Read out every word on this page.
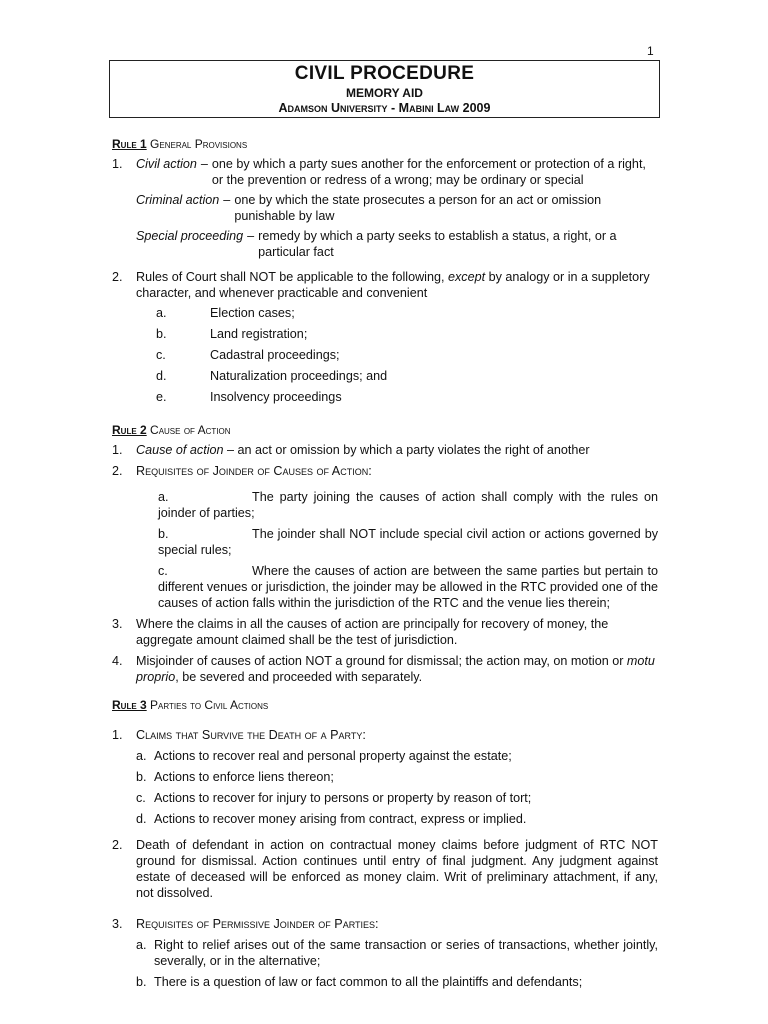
1
CIVIL PROCEDURE
MEMORY AID
Adamson University - Mabini Law 2009
Rule 1 General Provisions
1.	Civil action – one by which a party sues another for the enforcement or protection of a right, or the prevention or redress of a wrong; may be ordinary or special
Criminal action – one by which the state prosecutes a person for an act or omission punishable by law
Special proceeding – remedy by which a party seeks to establish a status, a right, or a particular fact
2.	Rules of Court shall NOT be applicable to the following, except by analogy or in a suppletory character, and whenever practicable and convenient
a.	Election cases;
b.	Land registration;
c.	Cadastral proceedings;
d.	Naturalization proceedings; and
e.	Insolvency proceedings
Rule 2 Cause of Action
1.	Cause of action – an act or omission by which a party violates the right of another
2.	Requisites of Joinder of Causes of Action:
a.	The party joining the causes of action shall comply with the rules on joinder of parties;
b.	The joinder shall NOT include special civil action or actions governed by special rules;
c.	Where the causes of action are between the same parties but pertain to different venues or jurisdiction, the joinder may be allowed in the RTC provided one of the causes of action falls within the jurisdiction of the RTC and the venue lies therein;
3.	Where the claims in all the causes of action are principally for recovery of money, the aggregate amount claimed shall be the test of jurisdiction.
4.	Misjoinder of causes of action NOT a ground for dismissal; the action may, on motion or motu proprio, be severed and proceeded with separately.
Rule 3 Parties to Civil Actions
1.	Claims that Survive the Death of a Party:
a. Actions to recover real and personal property against the estate;
b. Actions to enforce liens thereon;
c. Actions to recover for injury to persons or property by reason of tort;
d. Actions to recover money arising from contract, express or implied.
2.	Death of defendant in action on contractual money claims before judgment of RTC NOT ground for dismissal. Action continues until entry of final judgment. Any judgment against estate of deceased will be enforced as money claim. Writ of preliminary attachment, if any, not dissolved.
3.	Requisites of Permissive Joinder of Parties:
a. Right to relief arises out of the same transaction or series of transactions, whether jointly, severally, or in the alternative;
b. There is a question of law or fact common to all the plaintiffs and defendants;
